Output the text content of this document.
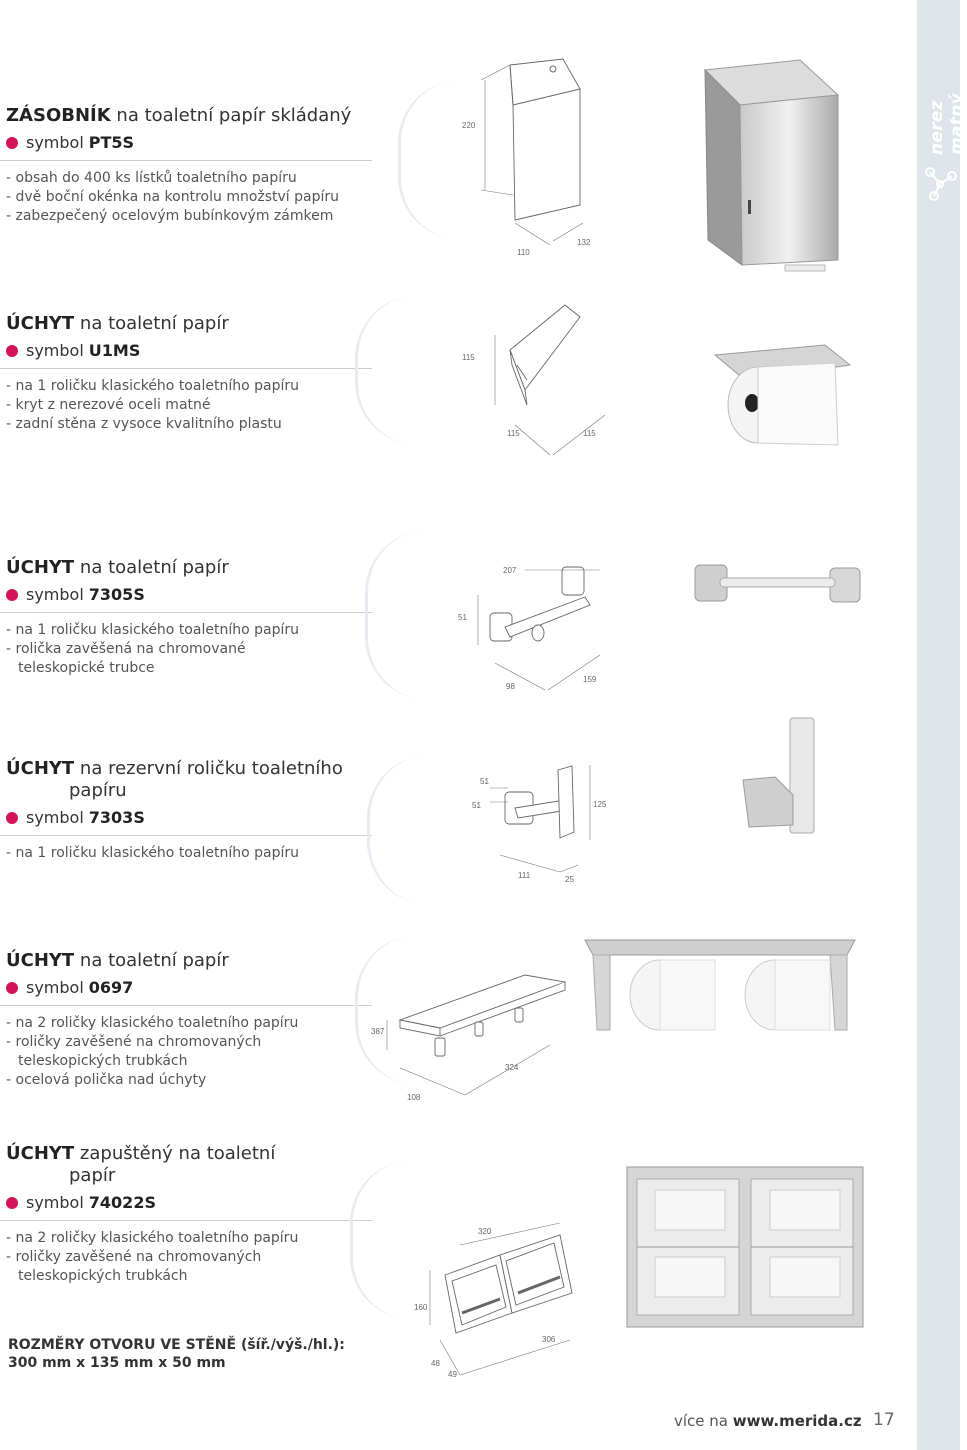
nerez matný
ZÁSOBNÍK na toaletní papír skládaný
symbol PT5S
- obsah do 400 ks lístků toaletního papíru
- dvě boční okénka na kontrolu množství papíru
- zabezpečený ocelovým bubínkovým zámkem
220
110
132
ÚCHYT na toaletní papír
symbol U1MS
- na 1 roličku klasického toaletního papíru
- kryt z nerezové oceli matné
- zadní stěna z vysoce kvalitního plastu
115
115	115
ÚCHYT na toaletní papír
symbol 7305S
- na 1 roličku klasického toaletního papíru
- rolička zavěšená na chromované
teleskopické trubce
207
51
98
159
ÚCHYT na rezervní roličku toaletního
papíru
symbol 7303S
- na 1 roličku klasického toaletního papíru
51
51	125
111	25
ÚCHYT na toaletní papír
symbol 0697
- na 2 roličky klasického toaletního papíru
- roličky zavěšené na chromovaných
teleskopických trubkách
- ocelová polička nad úchyty
387
108
324
ÚCHYT zapuštěný na toaletní
papír
symbol 74022S
- na 2 roličky klasického toaletního papíru
- roličky zavěšené na chromovaných
teleskopických trubkách
320
160
306
48
49
ROZMĚRY OTVORU VE STĚNĚ (šíř./výš./hl.):
300 mm x 135 mm x 50 mm
více na www.merida.cz 17
